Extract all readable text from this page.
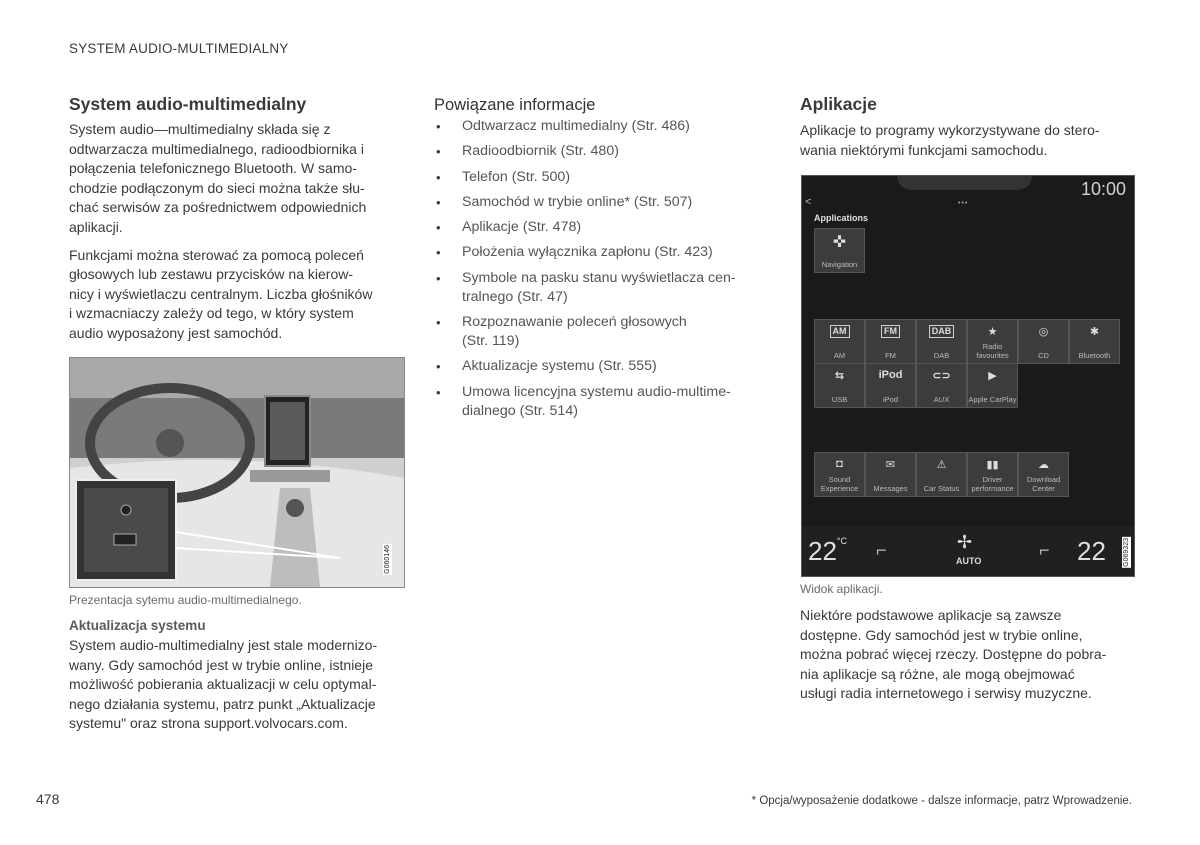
SYSTEM AUDIO-MULTIMEDIALNY
System audio-multimedialny

System audio—multimedialny składa się z
odtwarzacza multimedialnego, radioodbiornika i
połączenia telefonicznego Bluetooth. W samo-
chodzie podłączonym do sieci można także słu-
chać serwisów za pośrednictwem odpowiednich
aplikacji.

Funkcjami można sterować za pomocą poleceń
głosowych lub zestawu przycisków na kierow-
nicy i wyświetlaczu centralnym. Liczba głośników
i wzmacniaczy zależy od tego, w który system
audio wyposażony jest samochód.

G060146
Prezentacja sytemu audio-multimedialnego.
Aktualizacja systemu

System audio-multimedialny jest stale modernizo-
wany. Gdy samochód jest w trybie online, istnieje
możliwość pobierania aktualizacji w celu optymal-
nego działania systemu, patrz punkt „Aktualizacje
systemu" oraz strona support.volvocars.com.

Powiązane informacje
• Odtwarzacz multimedialny (Str. 486)
• Radioodbiornik (Str. 480)
• Telefon (Str. 500)
• Samochód w trybie online* (Str. 507)
• Aplikacje (Str. 478)
• Położenia wyłącznika zapłonu (Str. 423)
• Symbole na pasku stanu wyświetlacza cen-
tralnego (Str. 47)
• Rozpoznawanie poleceń głosowych
(Str. 119)
• Aktualizacje systemu (Str. 555)
• Umowa licencyjna systemu audio-multime-
dialnego (Str. 514)
Aplikacje

Aplikacje to programy wykorzystywane do stero-
wania niektórymi funkcjami samochodu.

10:00
<	•••
Applications
✜
Navigation
AM
AM
FM
FM
DAB
DAB
★
Radio favourites
◎
CD
✱
Bluetooth
⇆
USB
iPod
iPod
⊂⊃
AUX
▶
Apple CarPlay
◘
Sound Experience
✉
Messages
⚠
Car Status
▮▮
Driver performance
☁
Download Center
$22^{^\circ C}$ ⌐	✢
AUTO
⌐ 22 G069323
Widok aplikacji.

Niektóre podstawowe aplikacje są zawsze
dostępne. Gdy samochód jest w trybie online,
można pobrać więcej rzeczy. Dostępne do pobra-
nia aplikacje są różne, ale mogą obejmować
usługi radia internetowego i serwisy muzyczne.

478	* Opcja/wyposażenie dodatkowe - dalsze informacje, patrz Wprowadzenie.
